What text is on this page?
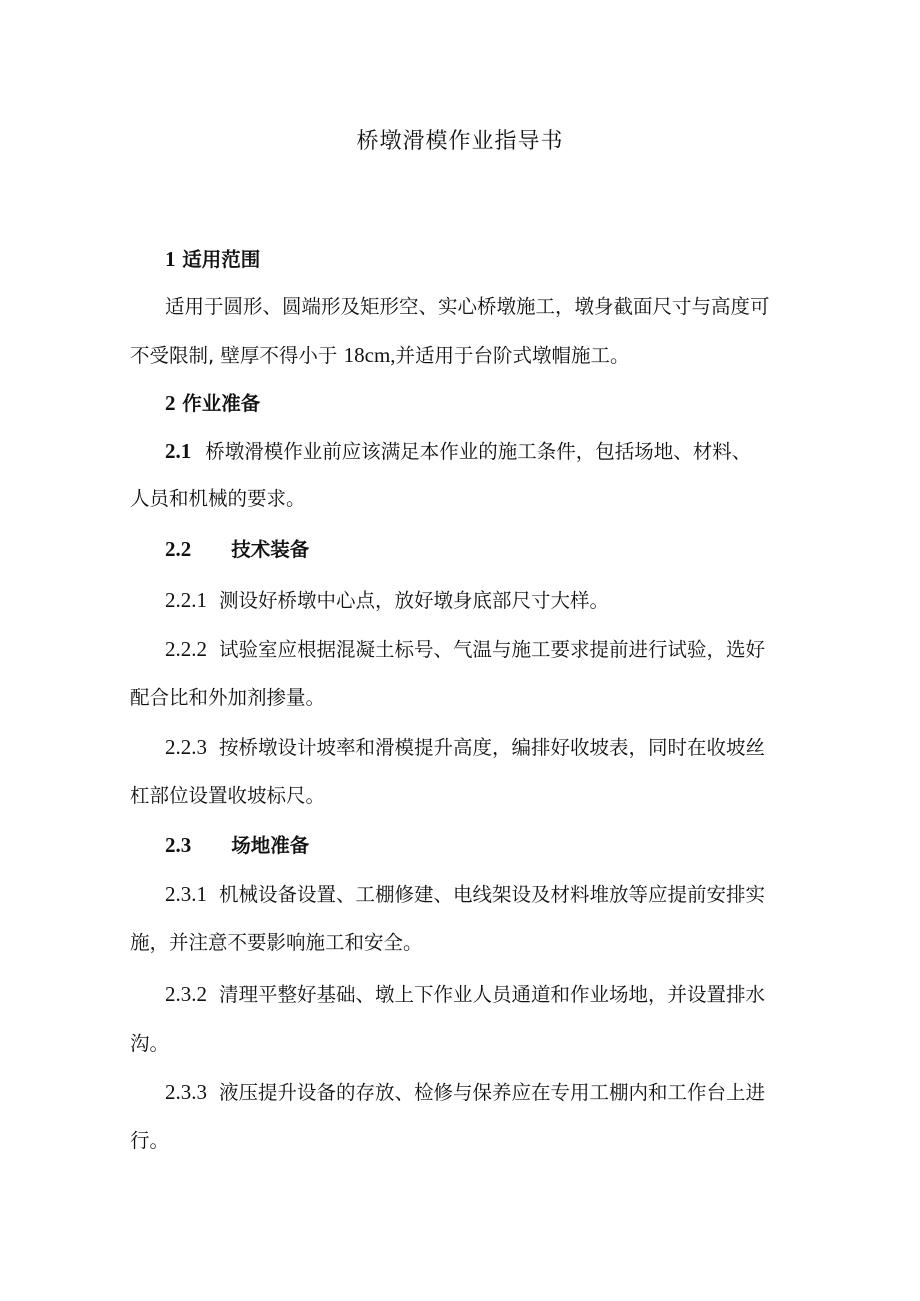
桥墩滑模作业指导书
1 适用范围
适用于圆形、圆端形及矩形空、实心桥墩施工，墩身截面尺寸与高度可
不受限制, 壁厚不得小于 18cm,并适用于台阶式墩帽施工。
2 作业准备
2.1 桥墩滑模作业前应该满足本作业的施工条件，包括场地、材料、
人员和机械的要求。
2.2 技术装备
2.2.1 测设好桥墩中心点，放好墩身底部尺寸大样。
2.2.2 试验室应根据混凝土标号、气温与施工要求提前进行试验，选好
配合比和外加剂掺量。
2.2.3 按桥墩设计坡率和滑模提升高度，编排好收坡表，同时在收坡丝
杠部位设置收坡标尺。
2.3 场地准备
2.3.1 机械设备设置、工棚修建、电线架设及材料堆放等应提前安排实
施，并注意不要影响施工和安全。
2.3.2 清理平整好基础、墩上下作业人员通道和作业场地，并设置排水
沟。
2.3.3 液压提升设备的存放、检修与保养应在专用工棚内和工作台上进
行。
